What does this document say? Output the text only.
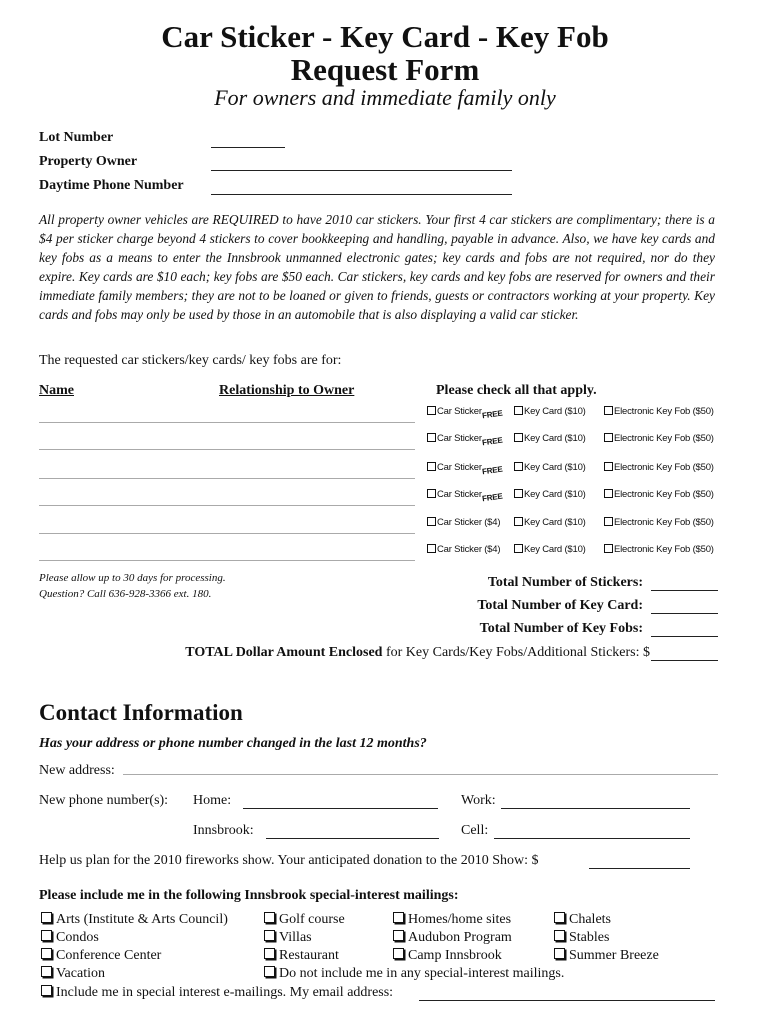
Car Sticker - Key Card - Key Fob
Request Form
For owners and immediate family only
Lot Number
Property Owner
Daytime Phone Number
All property owner vehicles are REQUIRED to have 2010 car stickers. Your first 4 car stickers are complimentary; there is a $4 per sticker charge beyond 4 stickers to cover bookkeeping and handling, payable in advance. Also, we have key cards and key fobs as a means to enter the Innsbrook unmanned electronic gates; key cards and fobs are not required, nor do they expire. Key cards are $10 each; key fobs are $50 each. Car stickers, key cards and key fobs are reserved for owners and their immediate family members; they are not to be loaned or given to friends, guests or contractors working at your property. Key cards and fobs may only be used by those in an automobile that is also displaying a valid car sticker.
The requested car stickers/key cards/ key fobs are for:
Name	Relationship to Owner	Please check all that apply.
Car StickerFREE	Key Card ($10)	Electronic Key Fob ($50)
Car StickerFREE	Key Card ($10)	Electronic Key Fob ($50)
Car StickerFREE	Key Card ($10)	Electronic Key Fob ($50)
Car StickerFREE	Key Card ($10)	Electronic Key Fob ($50)
Car Sticker ($4)	Key Card ($10)	Electronic Key Fob ($50)
Car Sticker ($4)	Key Card ($10)	Electronic Key Fob ($50)
Please allow up to 30 days for processing.
Question? Call 636-928-3366 ext. 180.
Total Number of Stickers:
Total Number of Key Card:
Total Number of Key Fobs:
TOTAL Dollar Amount Enclosed for Key Cards/Key Fobs/Additional Stickers: $
Contact Information
Has your address or phone number changed in the last 12 months?
New address:
New phone number(s): Home:	Work:
Innsbrook:	Cell:
Help us plan for the 2010 fireworks show. Your anticipated donation to the 2010 Show: $
Please include me in the following Innsbrook special-interest mailings:
Arts (Institute & Arts Council)	Golf course	Homes/home sites	Chalets
Condos	Villas	Audubon Program	Stables
Conference Center	Restaurant	Camp Innsbrook	Summer Breeze
Vacation	Do not include me in any special-interest mailings.
Include me in special interest e-mailings. My email address:
